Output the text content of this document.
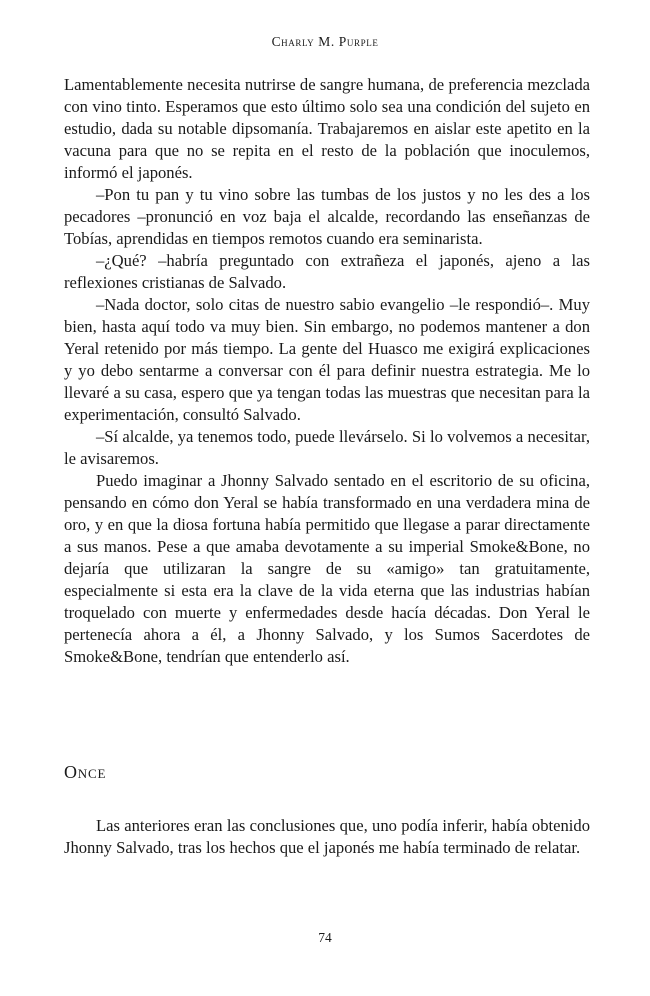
Charly M. Purple

Lamentablemente necesita nutrirse de sangre humana, de preferencia mezclada con vino tinto. Esperamos que esto último solo sea una condición del sujeto en estudio, dada su notable dipsomanía. Trabajaremos en aislar este apetito en la vacuna para que no se repita en el resto de la población que inoculemos, informó el japonés.

–Pon tu pan y tu vino sobre las tumbas de los justos y no les des a los pecadores –pronunció en voz baja el alcalde, recordando las enseñanzas de Tobías, aprendidas en tiempos remotos cuando era seminarista.

–¿Qué? –habría preguntado con extrañeza el japonés, ajeno a las reflexiones cristianas de Salvado.

–Nada doctor, solo citas de nuestro sabio evangelio –le respondió–. Muy bien, hasta aquí todo va muy bien. Sin embargo, no podemos mantener a don Yeral retenido por más tiempo. La gente del Huasco me exigirá explicaciones y yo debo sentarme a conversar con él para definir nuestra estrategia. Me lo llevaré a su casa, espero que ya tengan todas las muestras que necesitan para la experimentación, consultó Salvado.

–Sí alcalde, ya tenemos todo, puede llevárselo. Si lo volvemos a necesitar, le avisaremos.

Puedo imaginar a Jhonny Salvado sentado en el escritorio de su oficina, pensando en cómo don Yeral se había transformado en una verdadera mina de oro, y en que la diosa fortuna había permitido que llegase a parar directamente a sus manos. Pese a que amaba devotamente a su imperial Smoke&Bone, no dejaría que utilizaran la sangre de su «amigo» tan gratuitamente, especialmente si esta era la clave de la vida eterna que las industrias habían troquelado con muerte y enfermedades desde hacía décadas. Don Yeral le pertenecía ahora a él, a Jhonny Salvado, y los Sumos Sacerdotes de Smoke&Bone, tendrían que entenderlo así.

Once

Las anteriores eran las conclusiones que, uno podía inferir, había obtenido Jhonny Salvado, tras los hechos que el japonés me había terminado de relatar.

74
